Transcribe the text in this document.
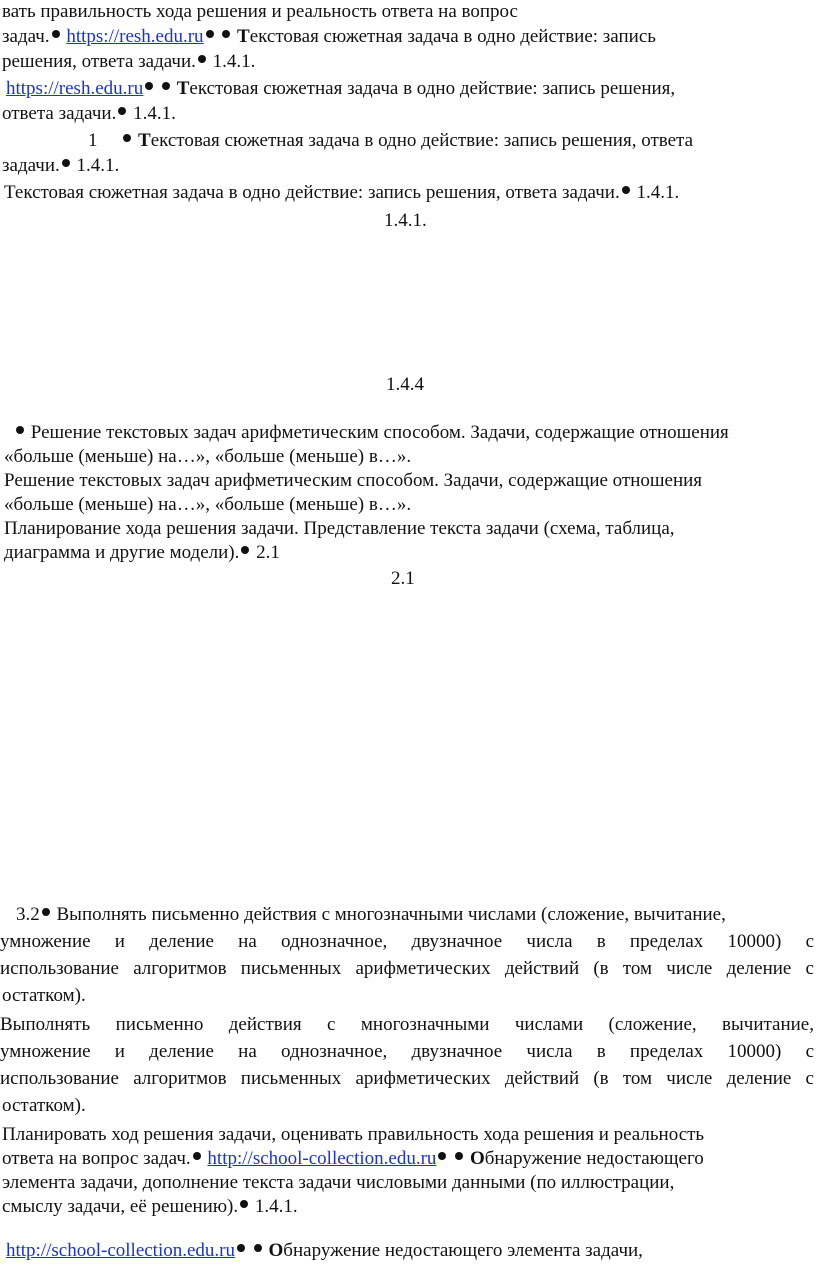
вать правильность хода решения и реальность ответа на вопрос
задач. https://resh.edu.ru Текстовая сюжетная задача в одно действие: запись
решения, ответа задачи. 1.4.1.
https://resh.edu.ru Текстовая сюжетная задача в одно действие: запись решения,
ответа задачи. 1.4.1.
1 Текстовая сюжетная задача в одно действие: запись решения, ответа
задачи. 1.4.1.
Текстовая сюжетная задача в одно действие: запись решения, ответа задачи. 1.4.1.
1.4.1.
1.4.4
Решение текстовых задач арифметическим способом. Задачи, содержащие отношения
«больше (меньше) на…», «больше (меньше) в…».
Решение текстовых задач арифметическим способом. Задачи, содержащие отношения
«больше (меньше) на…», «больше (меньше) в…».
Планирование хода решения задачи. Представление текста задачи (схема, таблица,
диаграмма и другие модели). 2.1
2.1
3.2 Выполнять письменно действия с многозначными числами (сложение, вычитание,
умножение и деление на однозначное, двузначное числа в пределах 10000) с
использование алгоритмов письменных арифметических действий (в том числе деление с
остатком).
Выполнять письменно действия с многозначными числами (сложение, вычитание,
умножение и деление на однозначное, двузначное числа в пределах 10000) с
использование алгоритмов письменных арифметических действий (в том числе деление с
остатком).
Планировать ход решения задачи, оценивать правильность хода решения и реальность
ответа на вопрос задач. http://school-collection.edu.ru Обнаружение недостающего
элемента задачи, дополнение текста задачи числовыми данными (по иллюстрации,
смыслу задачи, её решению). 1.4.1.
http://school-collection.edu.ru Обнаружение недостающего элемента задачи,
